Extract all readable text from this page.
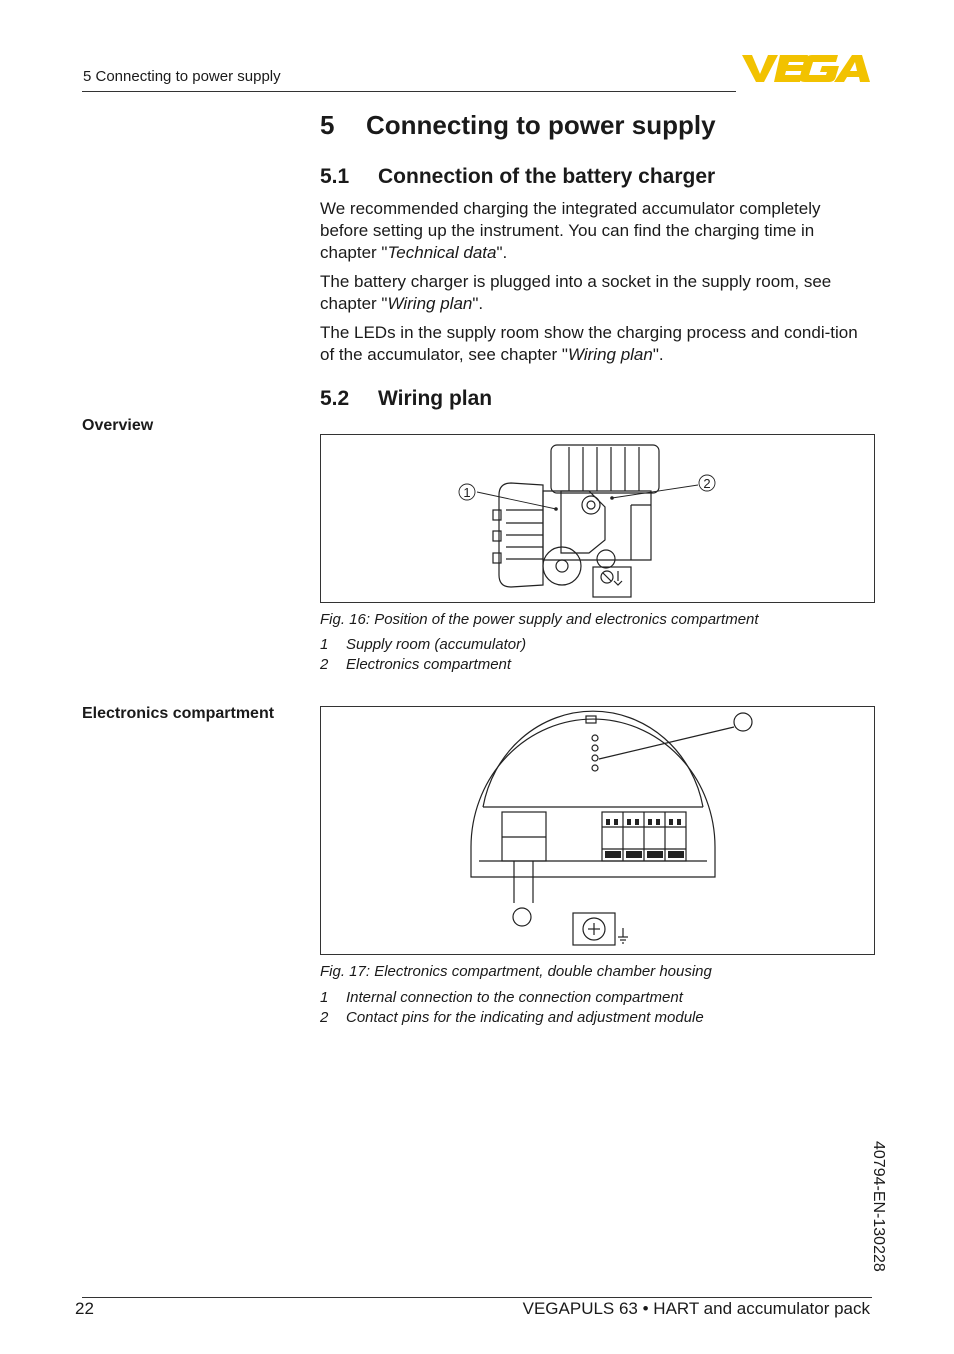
5 Connecting to power supply
5 Connecting to power supply
5.1 Connection of the battery charger

We recommended charging the integrated accumulator completely before setting up the instrument. You can find the charging time in chapter "Technical data".

The battery charger is plugged into a socket in the supply room, see chapter "Wiring plan".

The LEDs in the supply room show the charging process and condi-tion of the accumulator, see chapter "Wiring plan".

5.2 Wiring plan
Overview
1
2
Fig. 16: Position of the power supply and electronics compartment
1 Supply room (accumulator)
2 Electronics compartment
Electronics compartment
Fig. 17: Electronics compartment, double chamber housing
1 Internal connection to the connection compartment
2 Contact pins for the indicating and adjustment module
40794-EN-130228
22	VEGAPULS 63 • HART and accumulator pack
